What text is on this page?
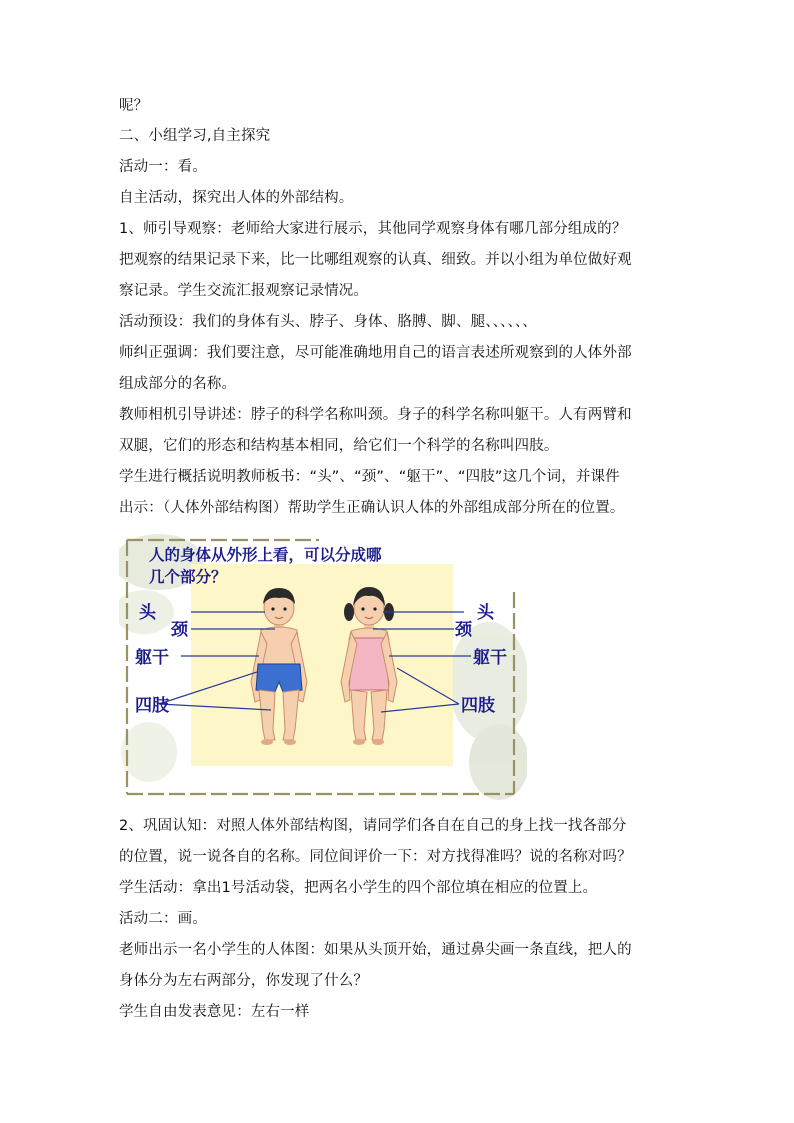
呢？
二、小组学习,自主探究
活动一：看。
自主活动，探究出人体的外部结构。
1、师引导观察：老师给大家进行展示，其他同学观察身体有哪几部分组成的？
把观察的结果记录下来，比一比哪组观察的认真、细致。并以小组为单位做好观
察记录。学生交流汇报观察记录情况。
活动预设：我们的身体有头、脖子、身体、胳膊、脚、腿、、、、、、
师纠正强调：我们要注意，尽可能准确地用自己的语言表述所观察到的人体外部
组成部分的名称。
教师相机引导讲述：脖子的科学名称叫颈。身子的科学名称叫躯干。人有两臂和
双腿，它们的形态和结构基本相同，给它们一个科学的名称叫四肢。
学生进行概括说明教师板书：“头”、“颈”、“躯干”、“四肢”这几个词，并课件
出示：（人体外部结构图）帮助学生正确认识人体的外部组成部分所在的位置。
人的身体从外形上看，可以分成哪
几个部分？
头
颈
躯干
四肢
头
颈
躯干
四肢
2、巩固认知：对照人体外部结构图，请同学们各自在自己的身上找一找各部分
的位置，说一说各自的名称。同位间评价一下：对方找得准吗？说的名称对吗？
学生活动：拿出1号活动袋，把两名小学生的四个部位填在相应的位置上。
活动二：画。
老师出示一名小学生的人体图：如果从头顶开始，通过鼻尖画一条直线，把人的
身体分为左右两部分，你发现了什么？
学生自由发表意见：左右一样
